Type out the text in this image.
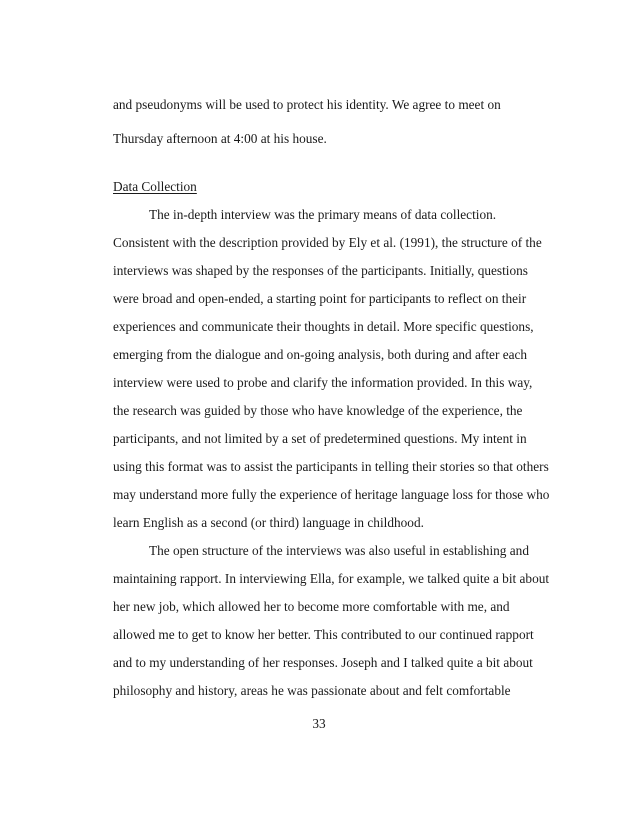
and pseudonyms will be used to protect his identity. We agree to meet on
Thursday afternoon at 4:00 at his house.
Data Collection
The in-depth interview was the primary means of data collection.
Consistent with the description provided by Ely et al. (1991), the structure of the
interviews was shaped by the responses of the participants. Initially, questions
were broad and open-ended, a starting point for participants to reflect on their
experiences and communicate their thoughts in detail. More specific questions,
emerging from the dialogue and on-going analysis, both during and after each
interview were used to probe and clarify the information provided. In this way,
the research was guided by those who have knowledge of the experience, the
participants, and not limited by a set of predetermined questions. My intent in
using this format was to assist the participants in telling their stories so that others
may understand more fully the experience of heritage language loss for those who
learn English as a second (or third) language in childhood.
The open structure of the interviews was also useful in establishing and
maintaining rapport. In interviewing Ella, for example, we talked quite a bit about
her new job, which allowed her to become more comfortable with me, and
allowed me to get to know her better. This contributed to our continued rapport
and to my understanding of her responses. Joseph and I talked quite a bit about
philosophy and history, areas he was passionate about and felt comfortable
33
